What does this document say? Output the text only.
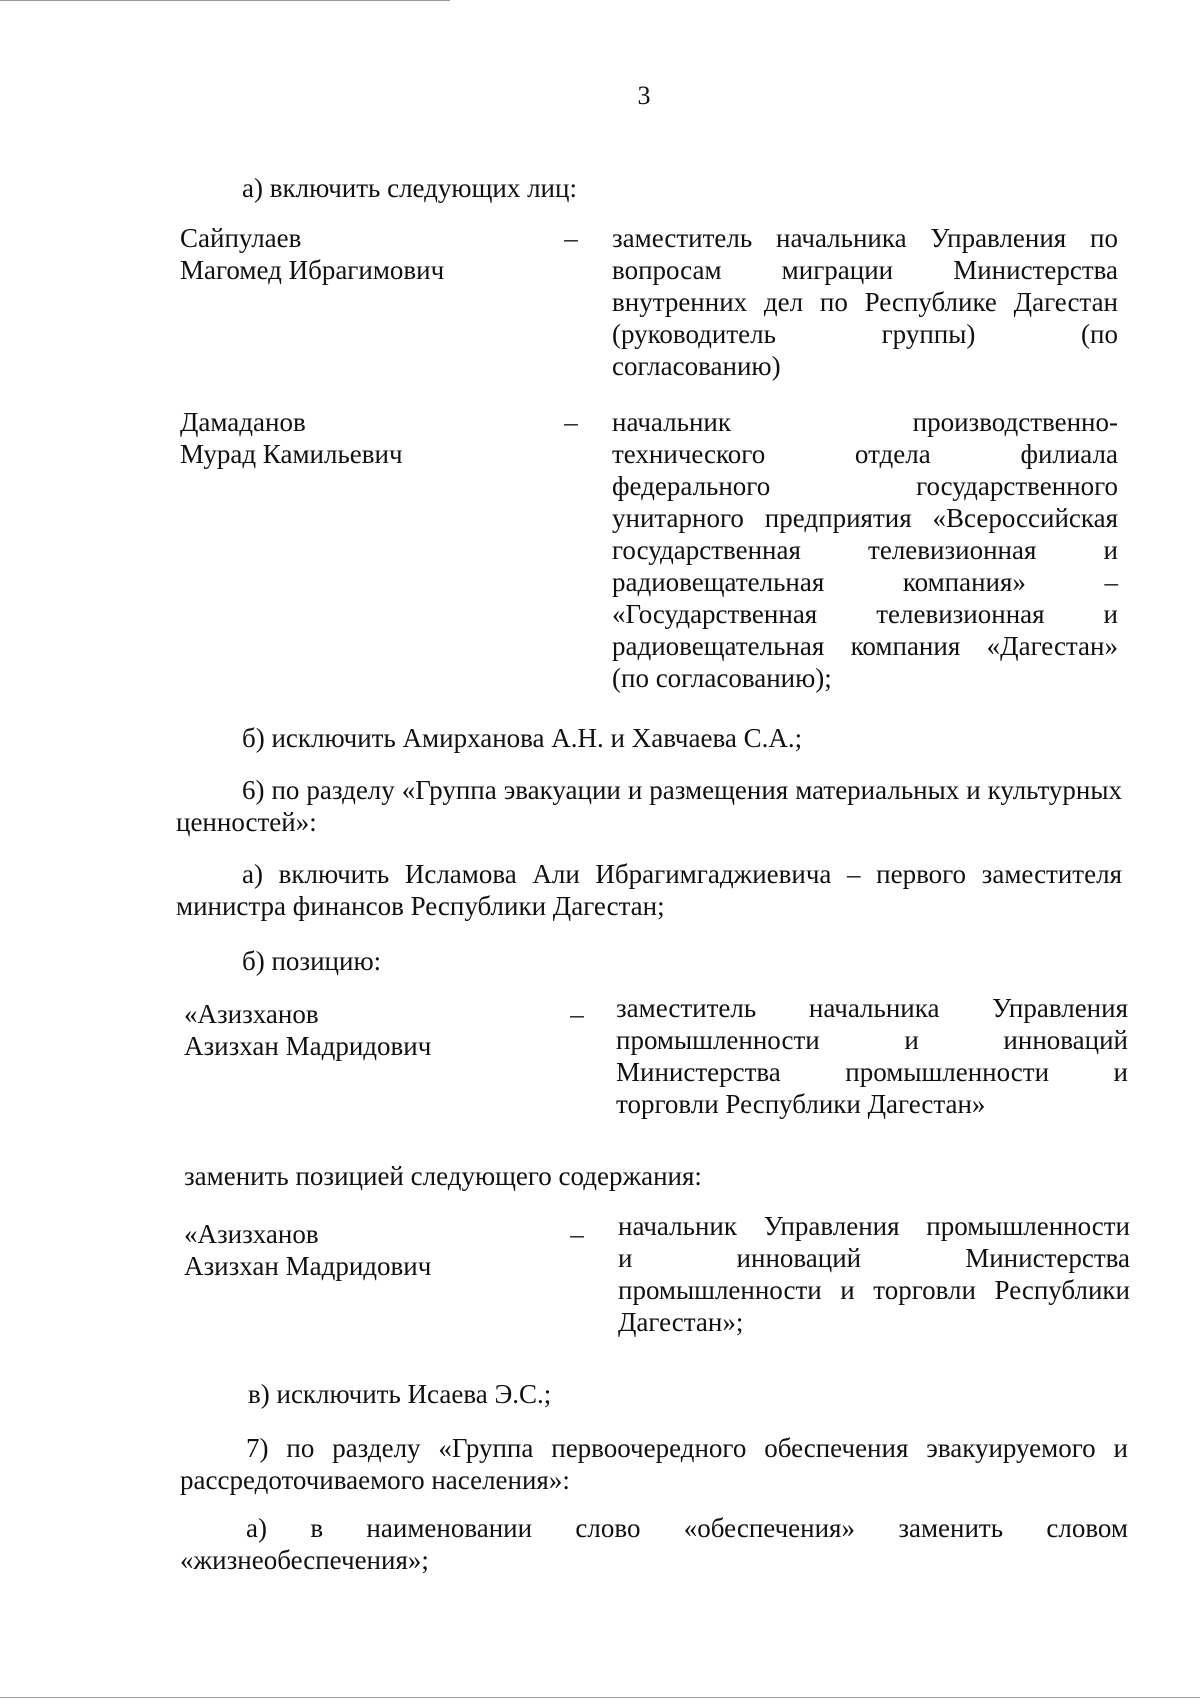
3

а) включить следующих лиц:

Сайпулаев

Магомед Ибрагимович

–	заместитель начальника Управления по
вопросам миграции Министерства
внутренних дел по Республике Дагестан
(руководитель группы) (по
согласованию)

Дамаданов

Мурад Камильевич

–	начальник производственно-
технического отдела филиала
федерального государственного
унитарного предприятия «Всероссийская
государственная телевизионная и
радиовещательная компания» –
«Государственная телевизионная и
радиовещательная компания «Дагестан»
(по согласованию);

б) исключить Амирханова А.Н. и Хавчаева С.А.;

6) по разделу «Группа эвакуации и размещения материальных и культурных ценностей»:

а) включить Исламова Али Ибрагимгаджиевича – первого заместителя министра финансов Республики Дагестан;

б) позицию:

«Азизханов

Азизхан Мадридович

–	заместитель начальника Управления
промышленности и инноваций
Министерства промышленности и
торговли Республики Дагестан»

заменить позицией следующего содержания:

«Азизханов

Азизхан Мадридович

–	начальник Управления промышленности
и инноваций Министерства
промышленности и торговли Республики
Дагестан»;

в) исключить Исаева Э.С.;

7) по разделу «Группа первоочередного обеспечения эвакуируемого и рассредоточиваемого населения»:

а) в наименовании слово «обеспечения» заменить словом «жизнеобеспечения»;
